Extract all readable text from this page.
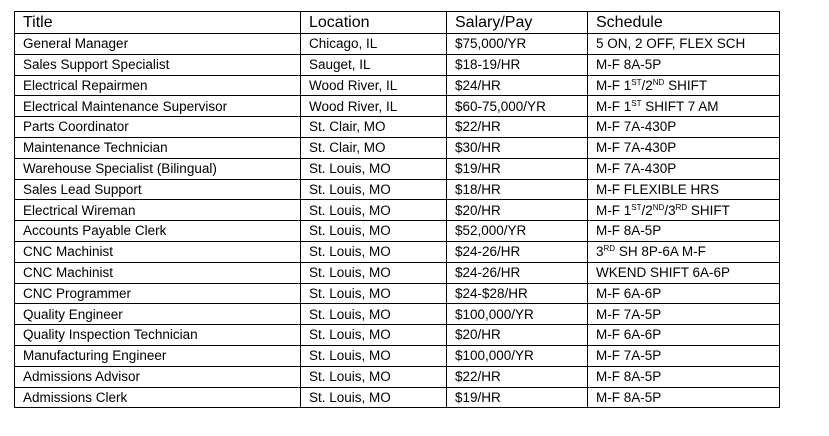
Title	Location	Salary/Pay	Schedule
General Manager	Chicago, IL	$75,000/YR	5 ON, 2 OFF, FLEX SCH
Sales Support Specialist	Sauget, IL	$18-19/HR	M-F 8A-5P
Electrical Repairmen	Wood River, IL	$24/HR	M-F 1ST/2ND SHIFT
Electrical Maintenance Supervisor	Wood River, IL	$60-75,000/YR	M-F 1ST SHIFT 7 AM
Parts Coordinator	St. Clair, MO	$22/HR	M-F 7A-430P
Maintenance Technician	St. Clair, MO	$30/HR	M-F 7A-430P
Warehouse Specialist (Bilingual)	St. Louis, MO	$19/HR	M-F 7A-430P
Sales Lead Support	St. Louis, MO	$18/HR	M-F FLEXIBLE HRS
Electrical Wireman	St. Louis, MO	$20/HR	M-F 1ST/2ND/3RD SHIFT
Accounts Payable Clerk	St. Louis, MO	$52,000/YR	M-F 8A-5P
CNC Machinist	St. Louis, MO	$24-26/HR	3RD SH 8P-6A M-F
CNC Machinist	St. Louis, MO	$24-26/HR	WKEND SHIFT 6A-6P
CNC Programmer	St. Louis, MO	$24-$28/HR	M-F 6A-6P
Quality Engineer	St. Louis, MO	$100,000/YR	M-F 7A-5P
Quality Inspection Technician	St. Louis, MO	$20/HR	M-F 6A-6P
Manufacturing Engineer	St. Louis, MO	$100,000/YR	M-F 7A-5P
Admissions Advisor	St. Louis, MO	$22/HR	M-F 8A-5P
Admissions Clerk	St. Louis, MO	$19/HR	M-F 8A-5P
